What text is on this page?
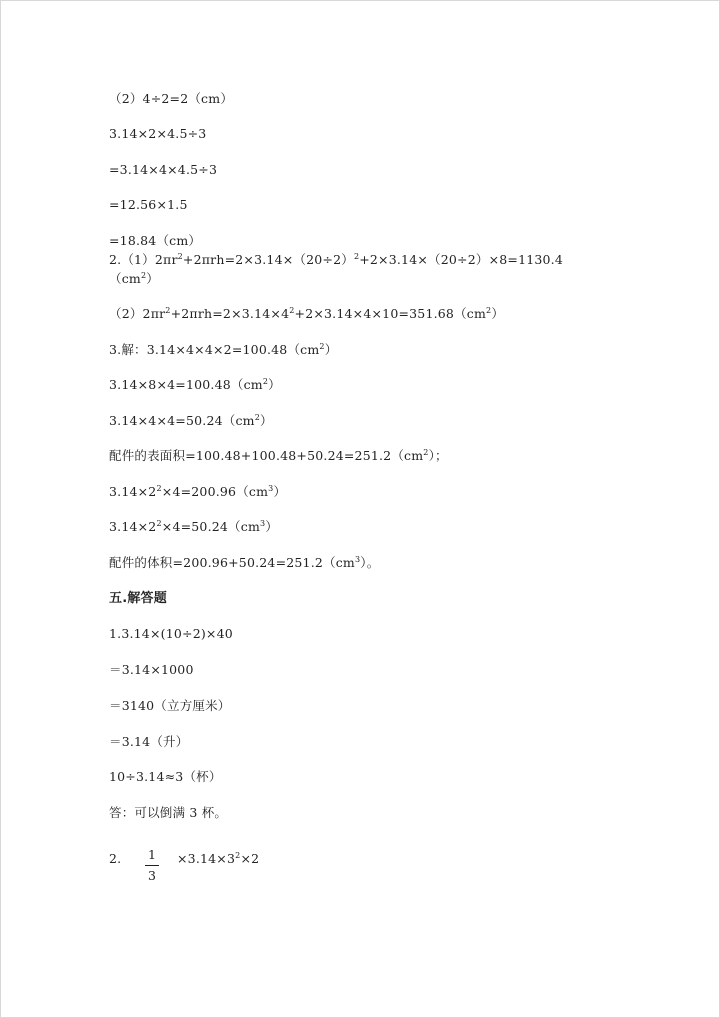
（2）4÷2=2（cm）
3.14×2×4.5÷3
=3.14×4×4.5÷3
=12.56×1.5
=18.84（cm）
$2.(1)2\pi r^2+2\pi rh=2\times 3.14\times(20\div 2)^2+2\times 3.14\times(20\div 2)\times 8=1130.4$
$(cm^2)$
$(2)2\pi r^2+2\pi rh=2\times 3.14\times 4^2+2\times 3.14\times 4\times 10=351.68(cm^2)$
3.解：$3.14\times 4\times 4\times 2=100.48(cm^2)$
$3.14\times 8\times 4=100.48(cm^2)$
$3.14\times 4\times 4=50.24(cm^2)$
配件的表面积$=100.48+100.48+50.24=251.2(cm^2)$；
$3.14\times 2^2\times 4=200.96(cm^3)$
$3.14\times 2^2\times 4=50.24(cm^3)$
配件的体积$=200.96+50.24=251.2(cm^3)$。
五.解答题
1.3.14×(10÷2)×40
＝3.14×1000
＝3140（立方厘米）
＝3.14（升）
10÷3.14≈3（杯）
答：可以倒满 3 杯。
2. 1
3
$\times 3.14\times 3^2\times 2$
